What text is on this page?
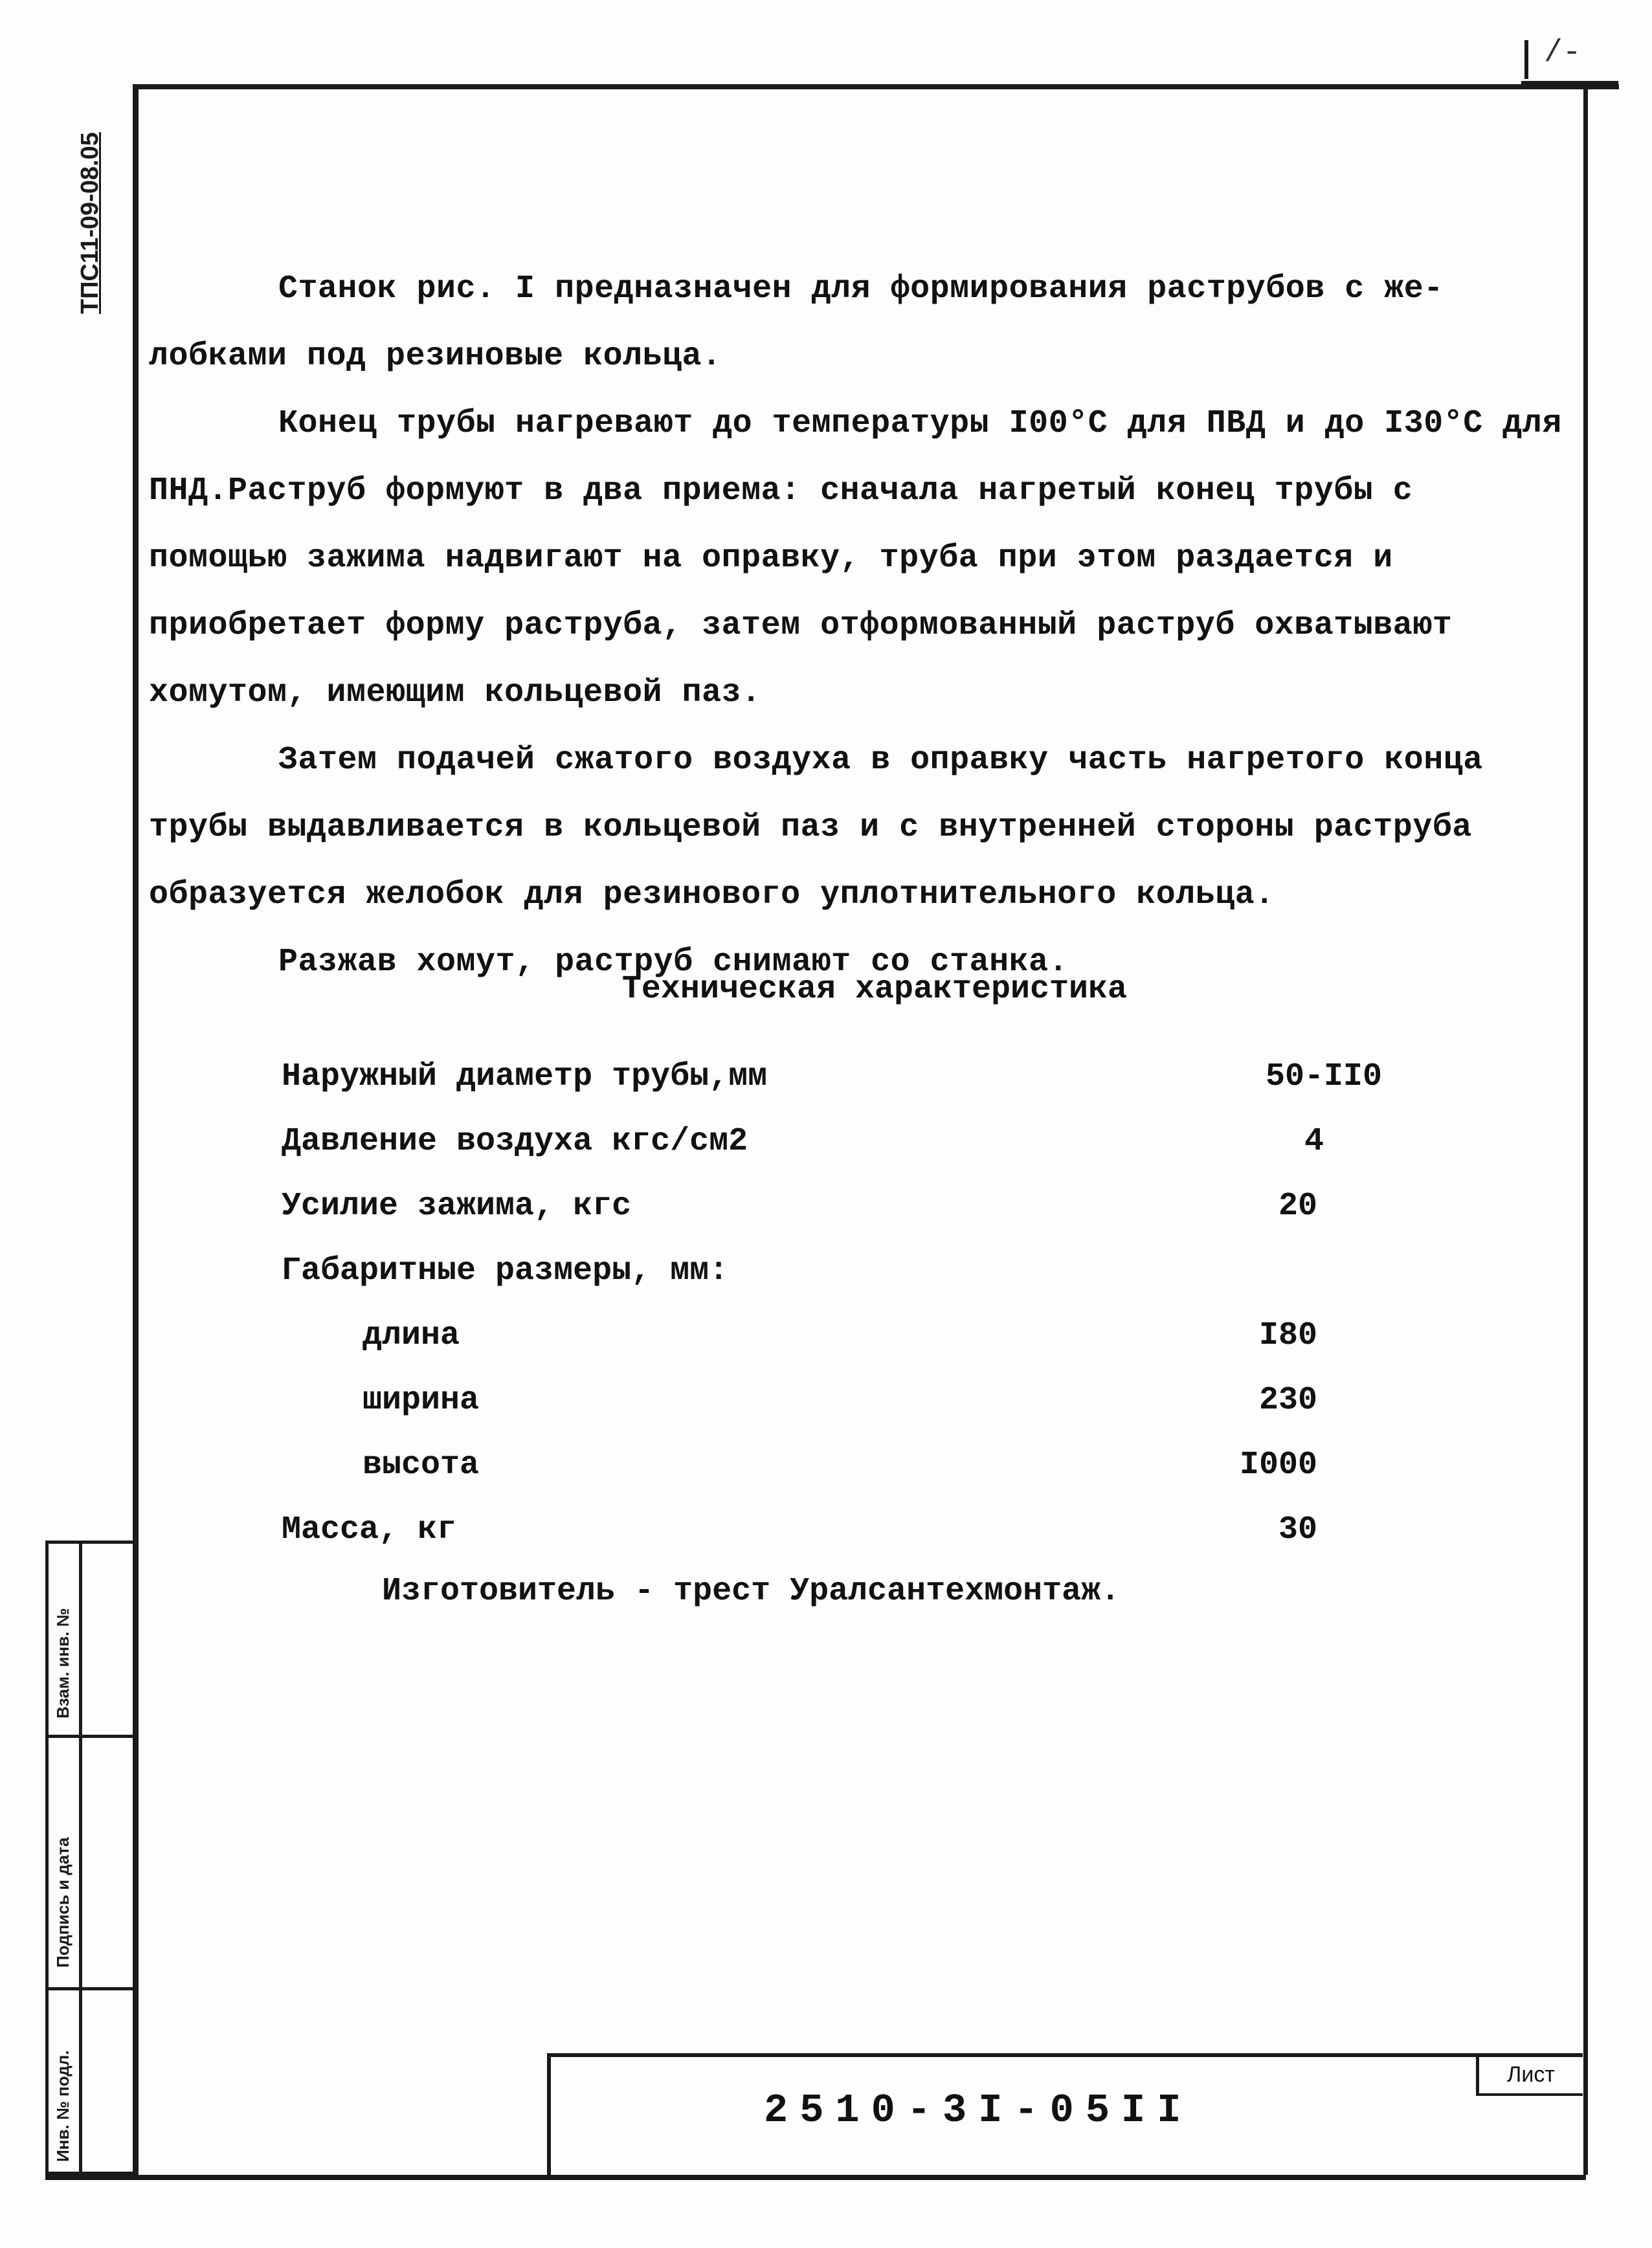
/-
ТПС11-09-08.05
Взам. инв. №
Подпись и дата
Инв. № подл.

Станок рис. I предназначен для формирования раструбов с же-лобками под резиновые кольца.

Конец трубы нагревают до температуры I00°С для ПВД и до I30°С для ПНД.Раструб формуют в два приема: сначала нагретый конец трубы с помощью зажима надвигают на оправку, труба при этом раздается и приобретает форму раструба, затем отформованный раструб охватывают хомутом, имеющим кольцевой паз.

Затем подачей сжатого воздуха в оправку часть нагретого конца трубы выдавливается в кольцевой паз и с внутренней стороны раструба образуется желобок для резинового уплотнительного кольца.

Разжав хомут, раструб снимают со станка.

Техническая характеристика
Наружный диаметр трубы,мм	50-II0
Давление воздуха кгс/см2	4
Усилие зажима, кгс	20
Габаритные размеры, мм:
длина	I80
ширина	230
высота	I000
Масса, кг	30
Изготовитель - трест Уралсантехмонтаж.
Лист
2510-3I-05II
